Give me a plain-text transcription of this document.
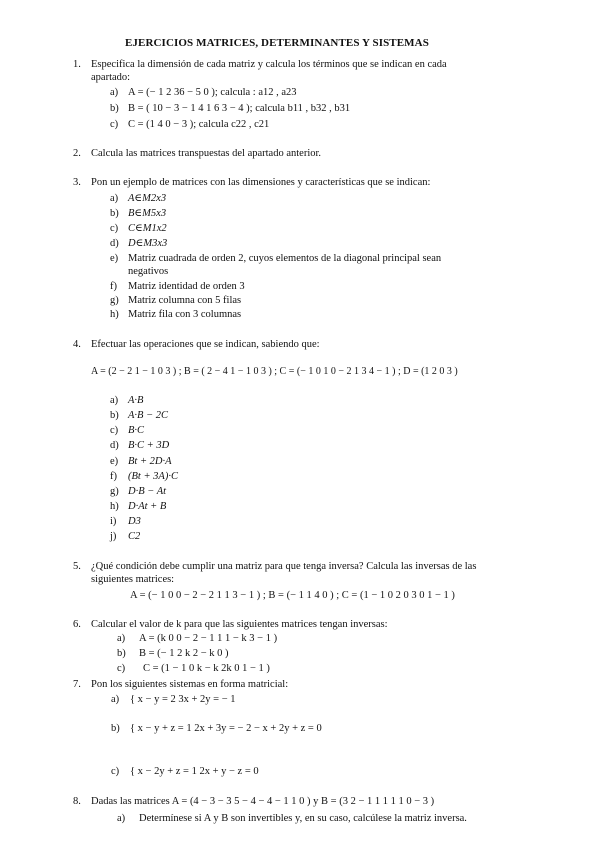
EJERCICIOS MATRICES, DETERMINANTES Y SISTEMAS
1. Especifica la dimensión de cada matriz y calcula los términos que se indican en cada
apartado:
a) A = (− 1 2 36 − 5 0 ); calcula : a12 , a23
b) B = ( 10 − 3 − 1 4 1 6 3 − 4 ); calcula b11 , b32 , b31
c) C = (1 4 0 − 3 ); calcula c22 , c21
2. Calcula las matrices transpuestas del apartado anterior.
3. Pon un ejemplo de matrices con las dimensiones y características que se indican:
a) A∈M2x3
b) B∈M5x3
c) C∈M1x2
d) D∈M3x3
e) Matriz cuadrada de orden 2, cuyos elementos de la diagonal principal sean
negativos
f) Matriz identidad de orden 3
g) Matriz columna con 5 filas
h) Matriz fila con 3 columnas
4. Efectuar las operaciones que se indican, sabiendo que:
A = (2 − 2 1 − 1 0 3 ) ; B = ( 2 − 4 1 − 1 0 3 ) ; C = (− 1 0 1 0 − 2 1 3 4 − 1 ) ; D = (1 2 0 3 )
a) A·B
b) A·B − 2C
c) B·C
d) B·C + 3D
e) Bt + 2D·A
f) (Bt + 3A)·C
g) D·B − At
h) D·At + B
i) D3
j) C2
5. ¿Qué condición debe cumplir una matriz para que tenga inversa? Calcula las inversas de las
siguientes matrices:
A = (− 1 0 0 − 2 − 2 1 1 3 − 1 ) ; B = (− 1 1 4 0 ) ; C = (1 − 1 0 2 0 3 0 1 − 1 )
6. Calcular el valor de k para que las siguientes matrices tengan inversas:
a) A = (k 0 0 − 2 − 1 1 1 − k 3 − 1 )
b) B = (− 1 2 k 2 − k 0 )
c) C = (1 − 1 0 k − k 2k 0 1 − 1 )
7. Pon los siguientes sistemas en forma matricial:
a) { x − y = 2 3x + 2y = − 1
b) { x − y + z = 1 2x + 3y = − 2 − x + 2y + z = 0
c) { x − 2y + z = 1 2x + y − z = 0
8. Dadas las matrices A = (4 − 3 − 3 5 − 4 − 4 − 1 1 0 ) y B = (3 2 − 1 1 1 1 1 0 − 3 )
a) Determínese si A y B son invertibles y, en su caso, calcúlese la matriz inversa.
